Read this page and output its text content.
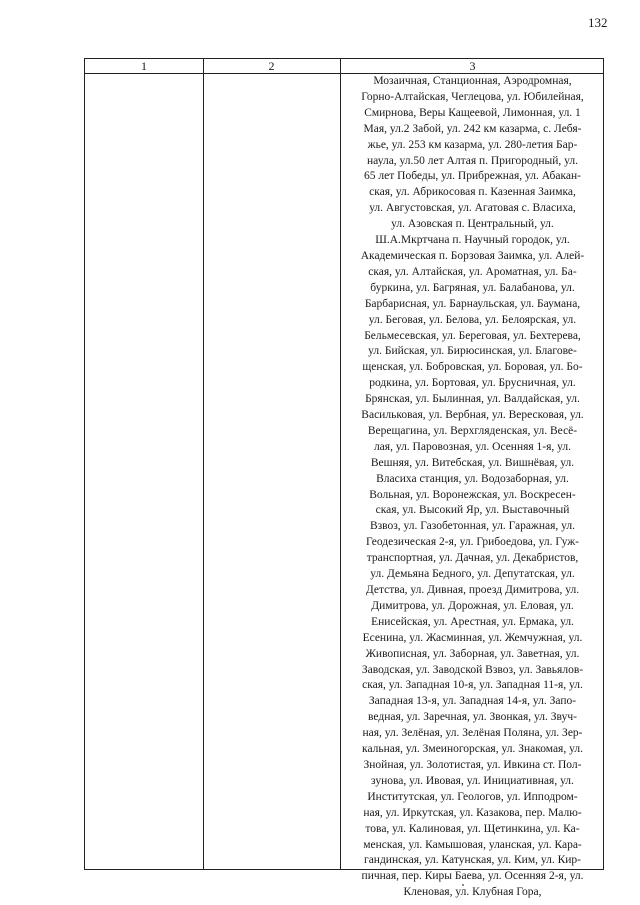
132
1	2	3
Мозаичная, Станционная, Аэродромная,
Горно-Алтайская, Чеглецова, ул. Юбилейная,
Смирнова, Веры Кащеевой, Лимонная, ул. 1
Мая, ул.2 Забой, ул. 242 км казарма, с. Лебя-
жье, ул. 253 км казарма, ул. 280-летия Бар-
наула, ул.50 лет Алтая п. Пригородный, ул.
65 лет Победы, ул. Прибрежная, ул. Абакан-
ская, ул. Абрикосовая п. Казенная Заимка,
ул. Августовская, ул. Агатовая с. Власиха,
ул. Азовская п. Центральный, ул.
Ш.А.Мкртчана п. Научный городок, ул.
Академическая п. Борзовая Заимка, ул. Алей-
ская, ул. Алтайская, ул. Ароматная, ул. Ба-
буркина, ул. Багряная, ул. Балабанова, ул.
Барбарисная, ул. Барнаульская, ул. Баумана,
ул. Беговая, ул. Белова, ул. Белоярская, ул.
Бельмесевская, ул. Береговая, ул. Бехтерева,
ул. Бийская, ул. Бирюсинская, ул. Благове-
щенская, ул. Бобровская, ул. Боровая, ул. Бо-
родкина, ул. Бортовая, ул. Брусничная, ул.
Брянская, ул. Былинная, ул. Валдайская, ул.
Васильковая, ул. Вербная, ул. Вересковая, ул.
Верещагина, ул. Верхгляденская, ул. Весё-
лая, ул. Паровозная, ул. Осенняя 1-я, ул.
Вешняя, ул. Витебская, ул. Вишнёвая, ул.
Власиха станция, ул. Водозаборная, ул.
Вольная, ул. Воронежская, ул. Воскресен-
ская, ул. Высокий Яр, ул. Выставочный
Взвоз, ул. Газобетонная, ул. Гаражная, ул.
Геодезическая 2-я, ул. Грибоедова, ул. Гуж-
транспортная, ул. Дачная, ул. Декабристов,
ул. Демьяна Бедного, ул. Депутатская, ул.
Детства, ул. Дивная, проезд Димитрова, ул.
Димитрова, ул. Дорожная, ул. Еловая, ул.
Енисейская, ул. Арестная, ул. Ермака, ул.
Есенина, ул. Жасминная, ул. Жемчужная, ул.
Живописная, ул. Заборная, ул. Заветная, ул.
Заводская, ул. Заводской Взвоз, ул. Завьялов-
ская, ул. Западная 10-я, ул. Западная 11-я, ул.
Западная 13-я, ул. Западная 14-я, ул. Запо-
ведная, ул. Заречная, ул. Звонкая, ул. Звуч-
ная, ул. Зелёная, ул. Зелёная Поляна, ул. Зер-
кальная, ул. Змеиногорская, ул. Знакомая, ул.
Знойная, ул. Золотистая, ул. Ивкина ст. Пол-
зунова, ул. Ивовая, ул. Инициативная, ул.
Институтская, ул. Геологов, ул. Ипподром-
ная, ул. Иркутская, ул. Казакова, пер. Малю-
това, ул. Калиновая, ул. Щетинкина, ул. Ка-
менская, ул. Камышовая, уланская, ул. Кара-
гандинская, ул. Катунская, ул. Ким, ул. Кир-
пичная, пер. Киры Баева, ул. Осенняя 2-я, ул.
Кленовая, ул. Клубная Гора,
